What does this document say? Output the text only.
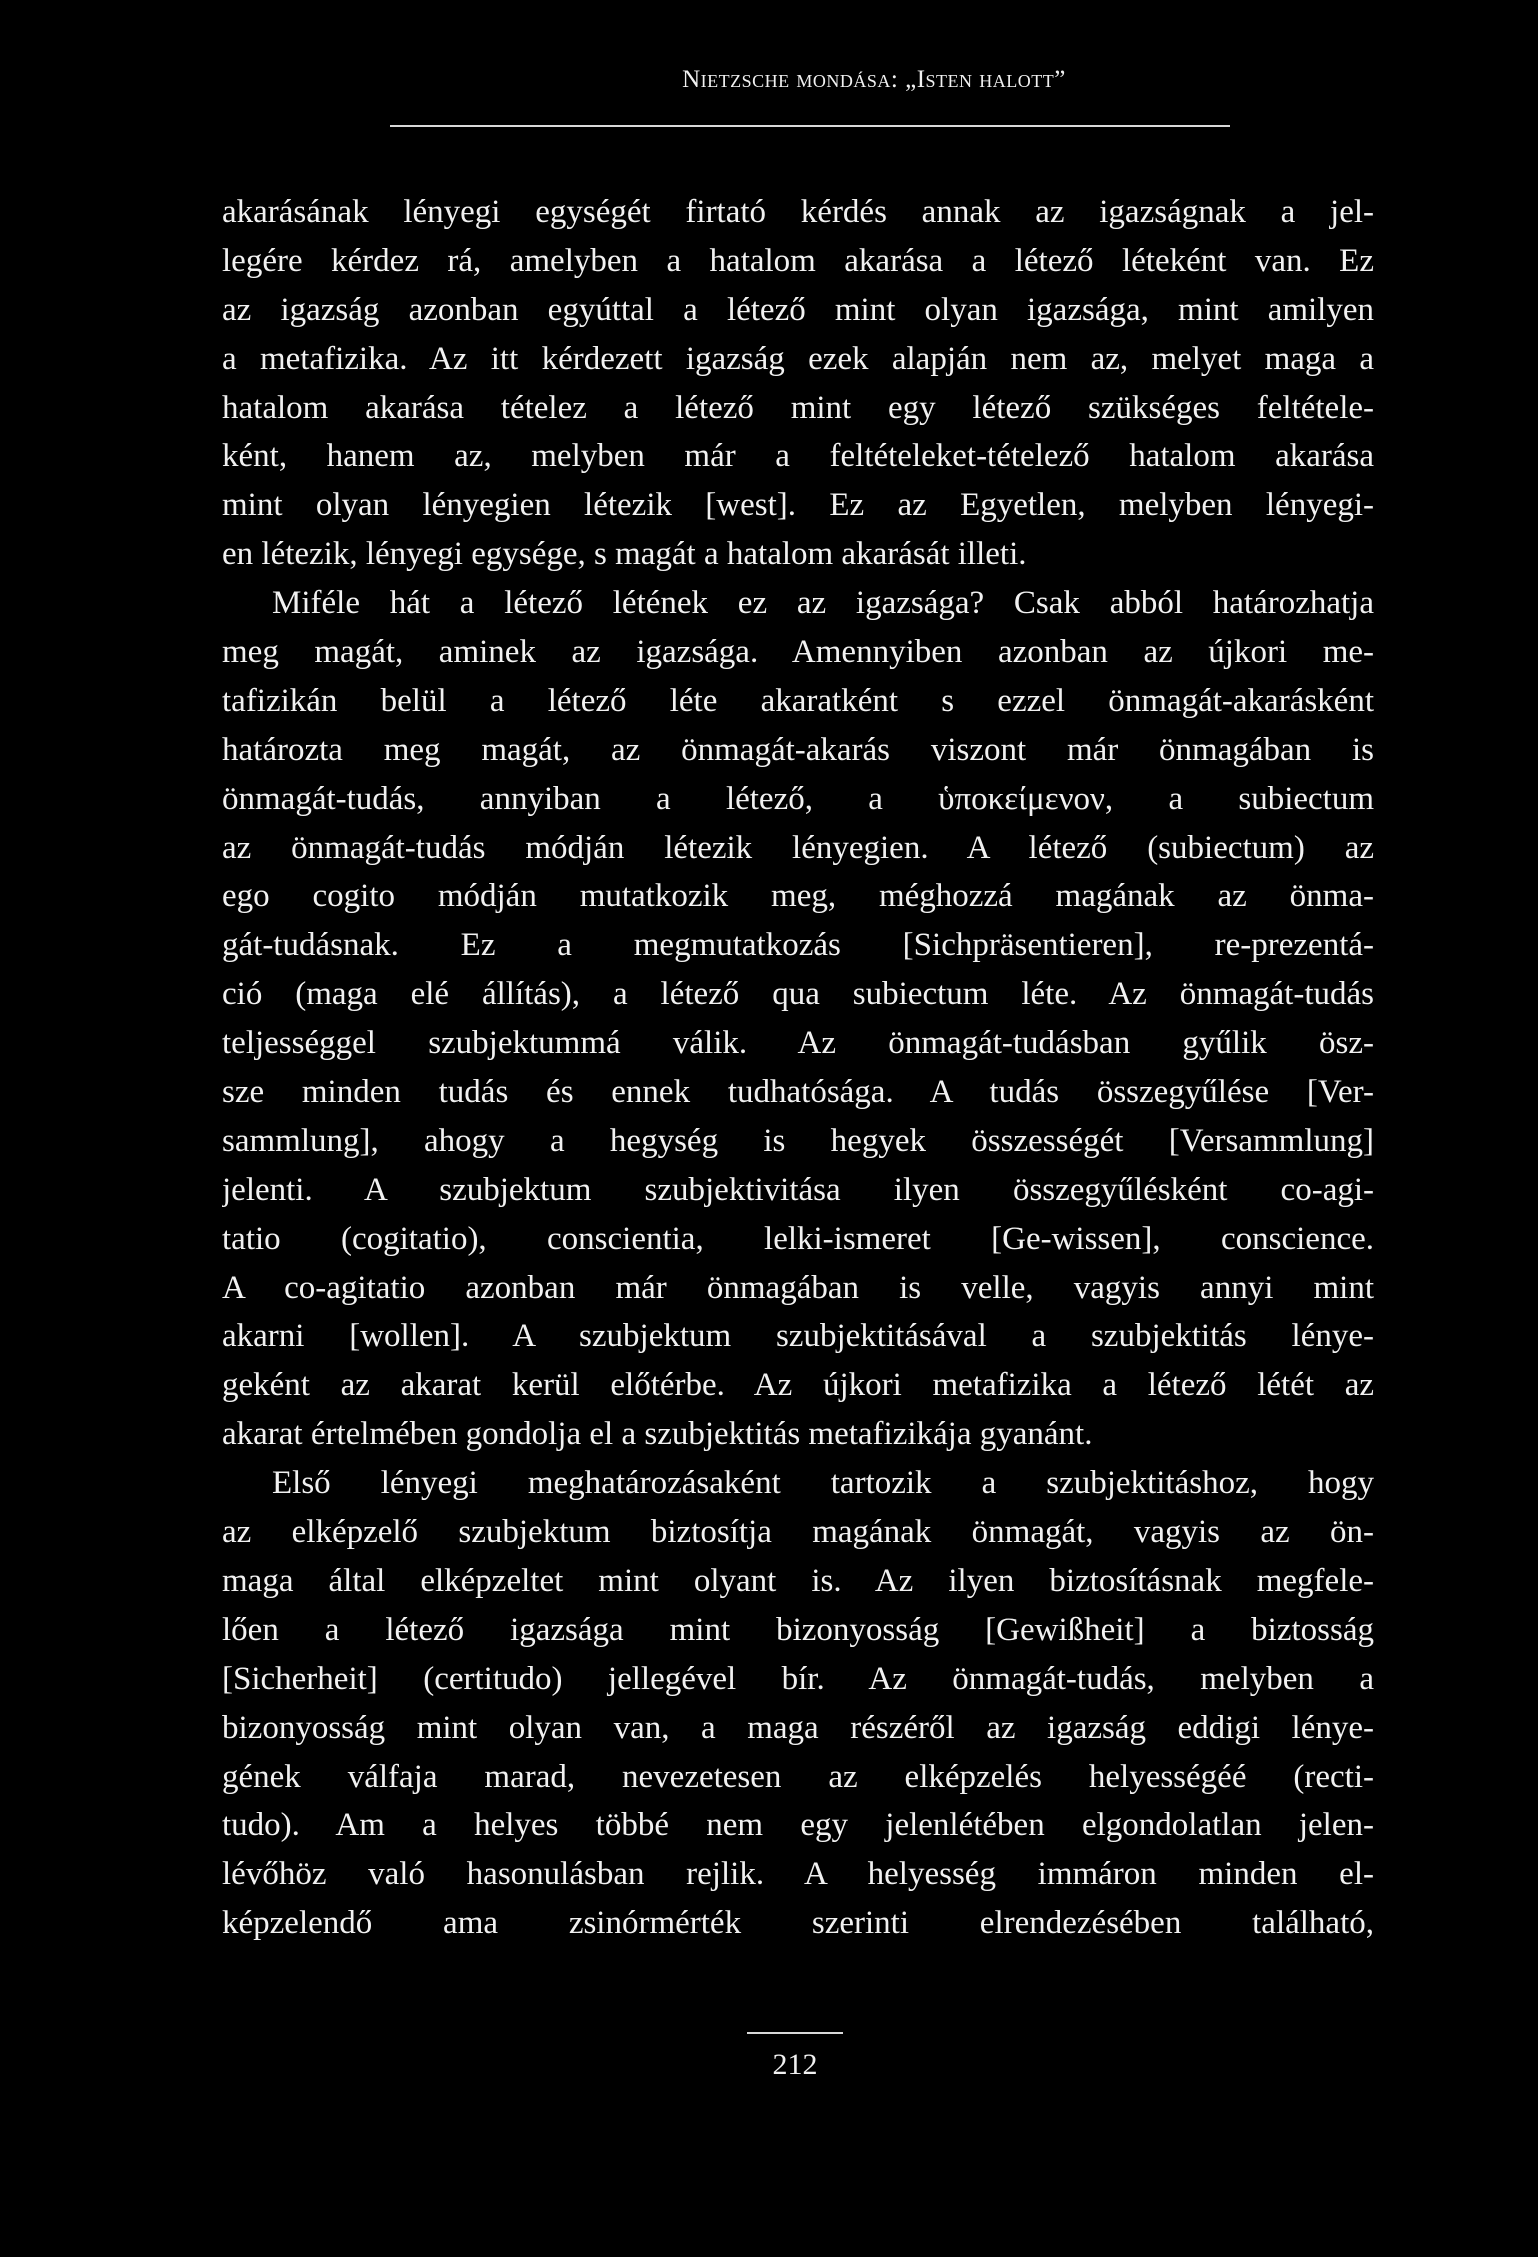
Nietzsche mondása: „Isten halott”
akarásának lényegi egységét firtató kérdés annak az igazságnak a jel-
legére kérdez rá, amelyben a hatalom akarása a létező léteként van. Ez
az igazság azonban egyúttal a létező mint olyan igazsága, mint amilyen
a metafizika. Az itt kérdezett igazság ezek alapján nem az, melyet maga a
hatalom akarása tételez a létező mint egy létező szükséges feltétele-
ként, hanem az, melyben már a feltételeket-tételező hatalom akarása
mint olyan lényegien létezik [west]. Ez az Egyetlen, melyben lényegi-
en létezik, lényegi egysége, s magát a hatalom akarását illeti.
Miféle hát a létező létének ez az igazsága? Csak abból határozhatja
meg magát, aminek az igazsága. Amennyiben azonban az újkori me-
tafizikán belül a létező léte akaratként s ezzel önmagát-akarásként
határozta meg magát, az önmagát-akarás viszont már önmagában is
önmagát-tudás, annyiban a létező, a ὑποκείμενον, a subiectum
az önmagát-tudás módján létezik lényegien. A létező (subiectum) az
ego cogito módján mutatkozik meg, méghozzá magának az önma-
gát-tudásnak. Ez a megmutatkozás [Sichpräsentieren], re-prezentá-
ció (maga elé állítás), a létező qua subiectum léte. Az önmagát-tudás
teljességgel szubjektummá válik. Az önmagát-tudásban gyűlik ösz-
sze minden tudás és ennek tudhatósága. A tudás összegyűlése [Ver-
sammlung], ahogy a hegység is hegyek összességét [Versammlung]
jelenti. A szubjektum szubjektivitása ilyen összegyűlésként co-agi-
tatio (cogitatio), conscientia, lelki-ismeret [Ge-wissen], conscience.
A co-agitatio azonban már önmagában is velle, vagyis annyi mint
akarni [wollen]. A szubjektum szubjektitásával a szubjektitás lénye-
geként az akarat kerül előtérbe. Az újkori metafizika a létező létét az
akarat értelmében gondolja el a szubjektitás metafizikája gyanánt.
Első lényegi meghatározásaként tartozik a szubjektitáshoz, hogy
az elképzelő szubjektum biztosítja magának önmagát, vagyis az ön-
maga által elképzeltet mint olyant is. Az ilyen biztosításnak megfele-
lően a létező igazsága mint bizonyosság [Gewißheit] a biztosság
[Sicherheit] (certitudo) jellegével bír. Az önmagát-tudás, melyben a
bizonyosság mint olyan van, a maga részéről az igazság eddigi lénye-
gének válfaja marad, nevezetesen az elképzelés helyességéé (recti-
tudo). Am a helyes többé nem egy jelenlétében elgondolatlan jelen-
lévőhöz való hasonulásban rejlik. A helyesség immáron minden el-
képzelendő ama zsinórmérték szerinti elrendezésében található,
212
